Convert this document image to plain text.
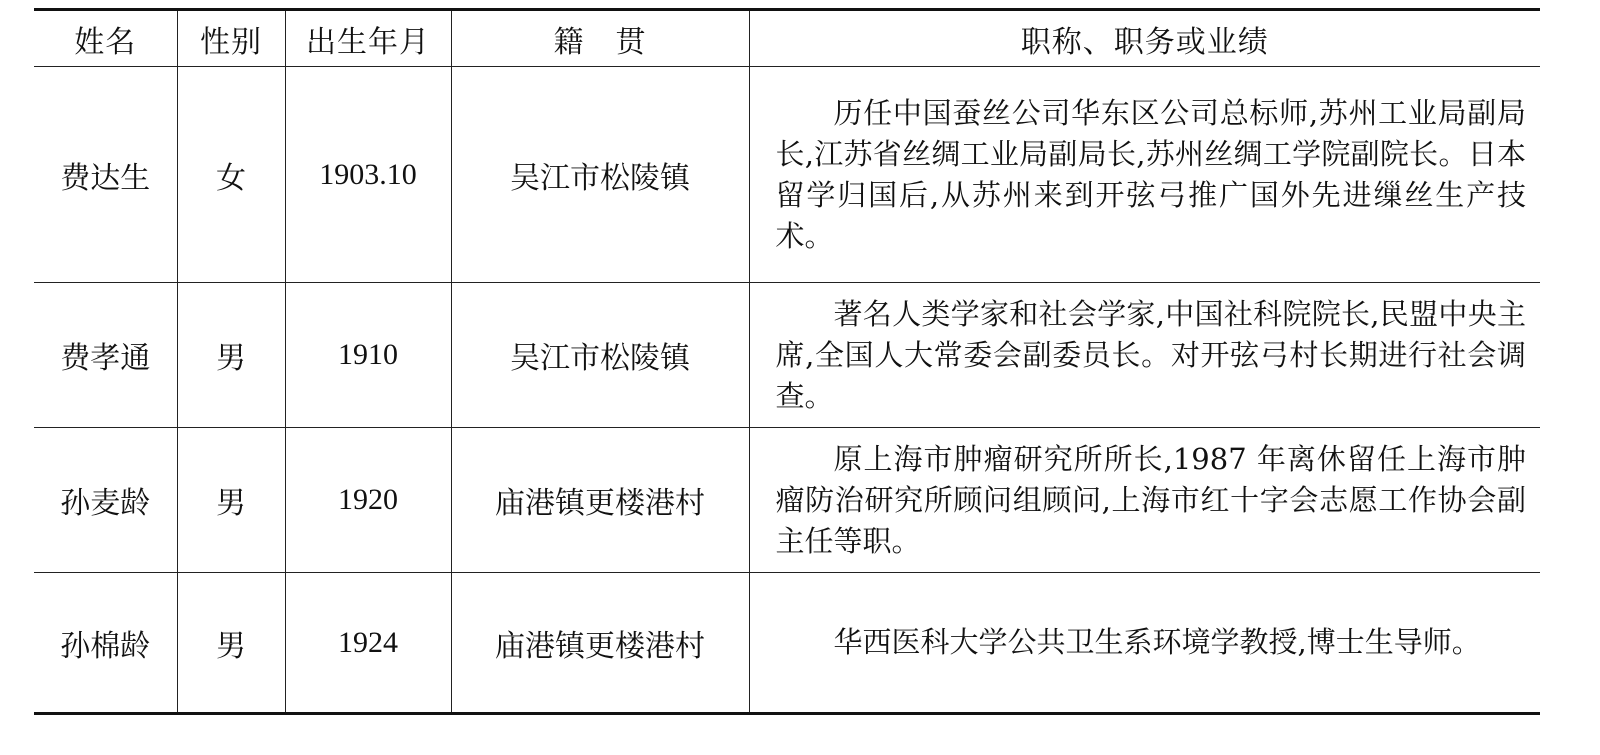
姓名	性别	出生年月	籍　贯	职称、职务或业绩
费达生	女	1903.10	吴江市松陵镇	历任中国蚕丝公司华东区公司总标师,苏州工业局副局长,江苏省丝绸工业局副局长,苏州丝绸工学院副院长。日本留学归国后,从苏州来到开弦弓推广国外先进缫丝生产技术。
费孝通	男	1910	吴江市松陵镇	著名人类学家和社会学家,中国社科院院长,民盟中央主席,全国人大常委会副委员长。对开弦弓村长期进行社会调查。
孙麦龄	男	1920	庙港镇更楼港村	原上海市肿瘤研究所所长,1987 年离休留任上海市肿瘤防治研究所顾问组顾问,上海市红十字会志愿工作协会副主任等职。
孙棉龄	男	1924	庙港镇更楼港村	华西医科大学公共卫生系环境学教授,博士生导师。
